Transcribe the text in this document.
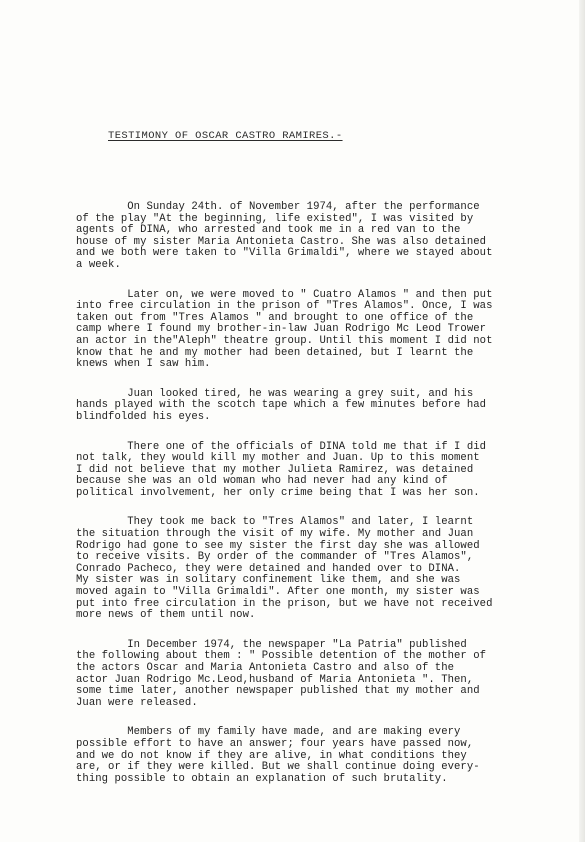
TESTIMONY OF OSCAR CASTRO RAMIRES.-
On Sunday 24th. of November 1974, after the performance
of the play "At the beginning, life existed", I was visited by
agents of DINA, who arrested and took me in a red van to the
house of my sister Maria Antonieta Castro. She was also detained
and we both were taken to "Villa Grimaldi", where we stayed about
a week.
Later on, we were moved to " Cuatro Alamos " and then put
into free circulation in the prison of "Tres Alamos". Once, I was
taken out from "Tres Alamos " and brought to one office of the
camp where I found my brother-in-law Juan Rodrigo Mc Leod Trower
an actor in the"Aleph" theatre group. Until this moment I did not
know that he and my mother had been detained, but I learnt the
knews when I saw him.
Juan looked tired, he was wearing a grey suit, and his
hands played with the scotch tape which a few minutes before had
blindfolded his eyes.
There one of the officials of DINA told me that if I did
not talk, they would kill my mother and Juan. Up to this moment
I did not believe that my mother Julieta Ramirez, was detained
because she was an old woman who had never had any kind of
political involvement, her only crime being that I was her son.
They took me back to "Tres Alamos" and later, I learnt
the situation through the visit of my wife. My mother and Juan
Rodrigo had gone to see my sister the first day she was allowed
to receive visits. By order of the commander of "Tres Alamos",
Conrado Pacheco, they were detained and handed over to DINA.
My sister was in solitary confinement like them, and she was
moved again to "Villa Grimaldi". After one month, my sister was
put into free circulation in the prison, but we have not received
more news of them until now.
In December 1974, the newspaper "La Patria" published
the following about them : " Possible detention of the mother of
the actors Oscar and Maria Antonieta Castro and also of the
actor Juan Rodrigo Mc.Leod,husband of Maria Antonieta ". Then,
some time later, another newspaper published that my mother and
Juan were released.
Members of my family have made, and are making every
possible effort to have an answer; four years have passed now,
and we do not know if they are alive, in what conditions they
are, or if they were killed. But we shall continue doing every-
thing possible to obtain an explanation of such brutality.
